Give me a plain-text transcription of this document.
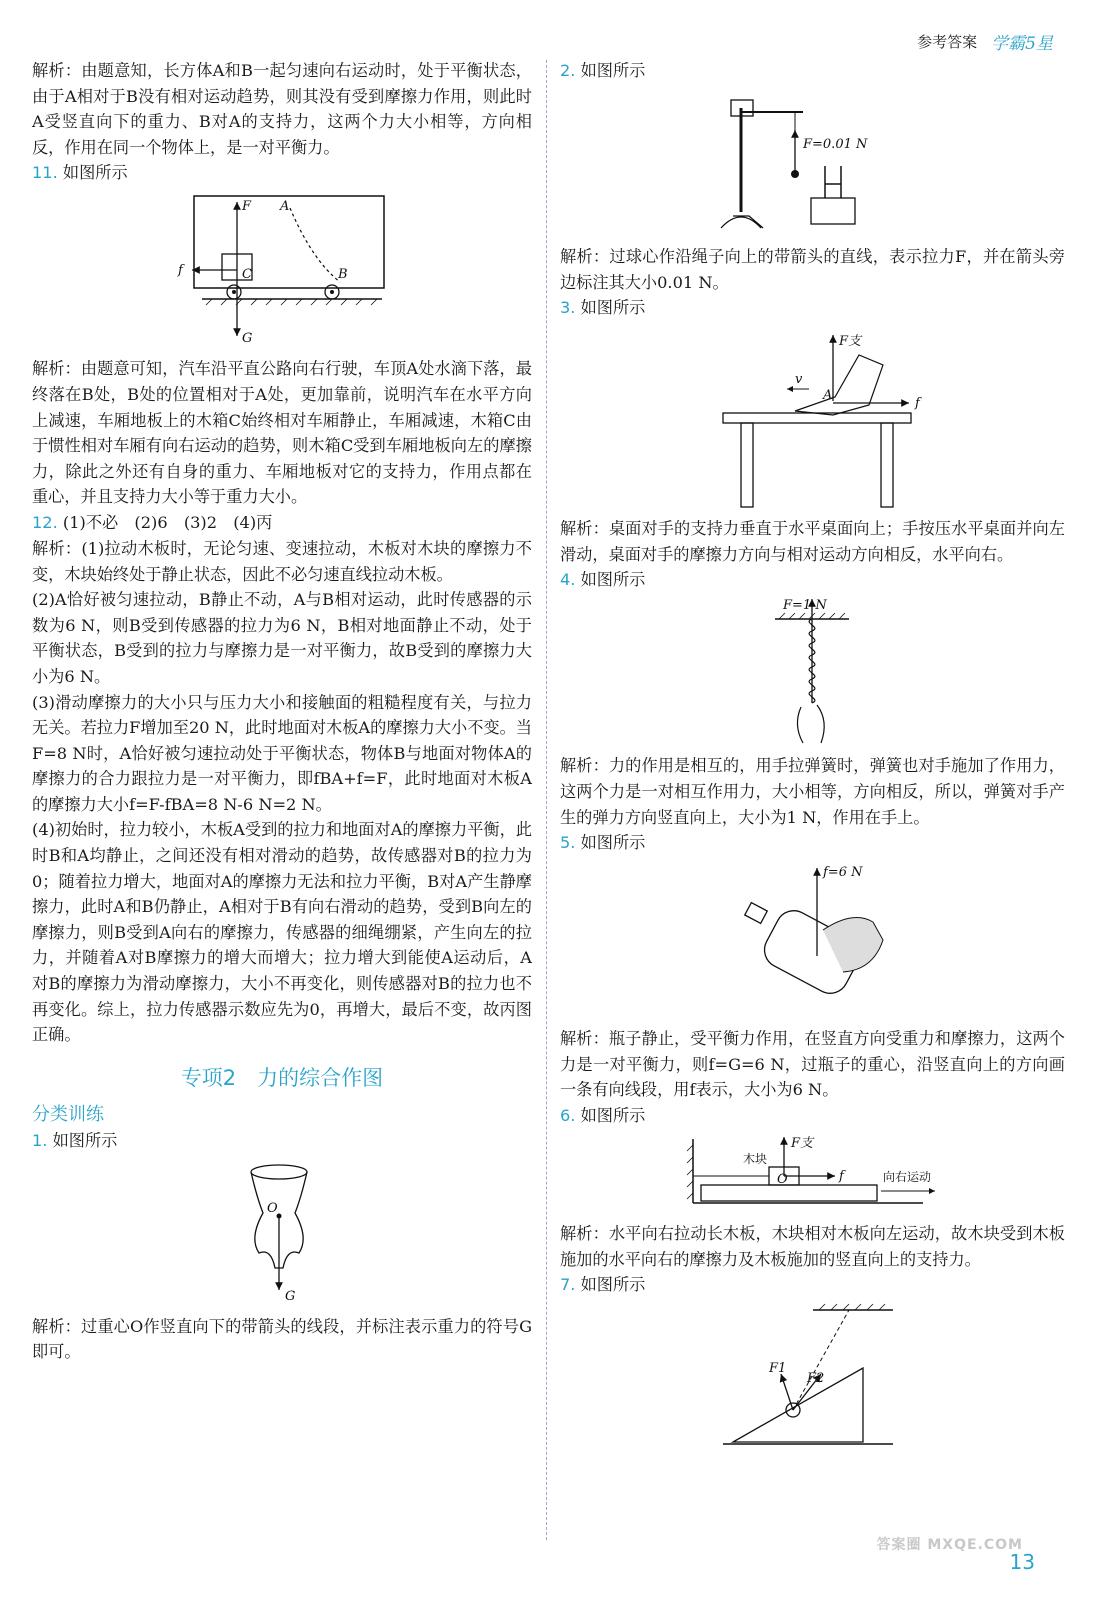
参考答案 学霸5星

解析：由题意知，长方体A和B一起匀速向右运动时，处于平衡状态，由于A相对于B没有相对运动趋势，则其没有受到摩擦力作用，则此时A受竖直向下的重力、B对A的支持力，这两个力大小相等，方向相反，作用在同一个物体上，是一对平衡力。

11. 如图所示
F A
f	C	B
G

解析：由题意可知，汽车沿平直公路向右行驶，车顶A处水滴下落，最终落在B处，B处的位置相对于A处，更加靠前，说明汽车在水平方向上减速，车厢地板上的木箱C始终相对车厢静止，车厢减速，木箱C由于惯性相对车厢有向右运动的趋势，则木箱C受到车厢地板向左的摩擦力，除此之外还有自身的重力、车厢地板对它的支持力，作用点都在重心，并且支持力大小等于重力大小。

12. (1)不必　(2)6　(3)2　(4)丙

解析：(1)拉动木板时，无论匀速、变速拉动，木板对木块的摩擦力不变，木块始终处于静止状态，因此不必匀速直线拉动木板。

(2)A恰好被匀速拉动，B静止不动，A与B相对运动，此时传感器的示数为6 N，则B受到传感器的拉力为6 N，B相对地面静止不动，处于平衡状态，B受到的拉力与摩擦力是一对平衡力，故B受到的摩擦力大小为6 N。

(3)滑动摩擦力的大小只与压力大小和接触面的粗糙程度有关，与拉力无关。若拉力F增加至20 N，此时地面对木板A的摩擦力大小不变。当F=8 N时，A恰好被匀速拉动处于平衡状态，物体B与地面对物体A的摩擦力的合力跟拉力是一对平衡力，即fBA+f=F，此时地面对木板A的摩擦力大小f=F-fBA=8 N-6 N=2 N。

(4)初始时，拉力较小，木板A受到的拉力和地面对A的摩擦力平衡，此时B和A均静止，之间还没有相对滑动的趋势，故传感器对B的拉力为0；随着拉力增大，地面对A的摩擦力无法和拉力平衡，B对A产生静摩擦力，此时A和B仍静止，A相对于B有向右滑动的趋势，受到B向左的摩擦力，则B受到A向右的摩擦力，传感器的细绳绷紧，产生向左的拉力，并随着A对B摩擦力的增大而增大；拉力增大到能使A运动后，A对B的摩擦力为滑动摩擦力，大小不再变化，则传感器对B的拉力也不再变化。综上，拉力传感器示数应先为0，再增大，最后不变，故丙图正确。

专项2　力的综合作图
分类训练
1. 如图所示
O
G

解析：过重心O作竖直向下的带箭头的线段，并标注表示重力的符号G即可。

2. 如图所示
F=0.01 N

解析：过球心作沿绳子向上的带箭头的直线，表示拉力F，并在箭头旁边标注其大小0.01 N。

3. 如图所示
F支
v
A
f

解析：桌面对手的支持力垂直于水平桌面向上；手按压水平桌面并向左滑动，桌面对手的摩擦力方向与相对运动方向相反，水平向右。

4. 如图所示
F=1 N

解析：力的作用是相互的，用手拉弹簧时，弹簧也对手施加了作用力，这两个力是一对相互作用力，大小相等，方向相反，所以，弹簧对手产生的弹力方向竖直向上，大小为1 N，作用在手上。

5. 如图所示
f=6 N

解析：瓶子静止，受平衡力作用，在竖直方向受重力和摩擦力，这两个力是一对平衡力，则f=G=6 N，过瓶子的重心，沿竖直向上的方向画一条有向线段，用f表示，大小为6 N。

6. 如图所示
F支
木块
O	f	向右运动

解析：水平向右拉动长木板，木块相对木板向左运动，故木块受到木板施加的水平向右的摩擦力及木板施加的竖直向上的支持力。

7. 如图所示
F1
F2
13
答案圈 MXQE.COM
